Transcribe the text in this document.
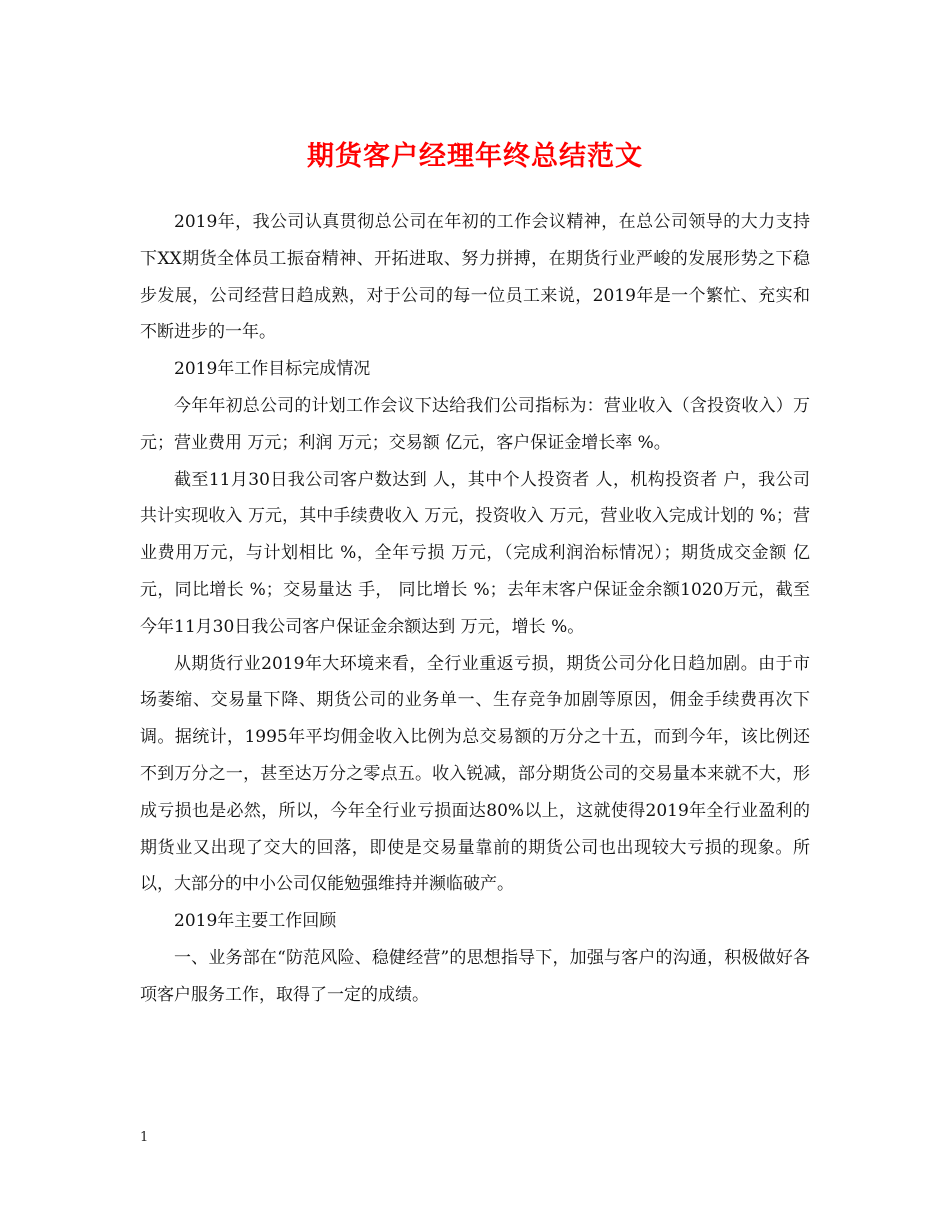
期货客户经理年终总结范文

2019年，我公司认真贯彻总公司在年初的工作会议精神，在总公司领导的大力支持下XX期货全体员工振奋精神、开拓进取、努力拼搏，在期货行业严峻的发展形势之下稳步发展，公司经营日趋成熟，对于公司的每一位员工来说，2019年是一个繁忙、充实和不断进步的一年。

2019年工作目标完成情况

今年年初总公司的计划工作会议下达给我们公司指标为：营业收入（含投资收入）万元；营业费用 万元；利润 万元；交易额 亿元，客户保证金增长率 %。

截至11月30日我公司客户数达到 人，其中个人投资者 人，机构投资者 户，我公司共计实现收入 万元，其中手续费收入 万元，投资收入 万元，营业收入完成计划的 %；营业费用万元，与计划相比 %，全年亏损 万元，（完成利润治标情况）；期货成交金额 亿元，同比增长 %；交易量达 手， 同比增长 %；去年末客户保证金余额1020万元，截至今年11月30日我公司客户保证金余额达到 万元，增长 %。

从期货行业2019年大环境来看，全行业重返亏损，期货公司分化日趋加剧。由于市场萎缩、交易量下降、期货公司的业务单一、生存竞争加剧等原因，佣金手续费再次下调。据统计，1995年平均佣金收入比例为总交易额的万分之十五，而到今年，该比例还不到万分之一，甚至达万分之零点五。收入锐减，部分期货公司的交易量本来就不大，形成亏损也是必然，所以，今年全行业亏损面达80%以上，这就使得2019年全行业盈利的期货业又出现了交大的回落，即使是交易量靠前的期货公司也出现较大亏损的现象。所以，大部分的中小公司仅能勉强维持并濒临破产。

2019年主要工作回顾

一、业务部在“防范风险、稳健经营”的思想指导下，加强与客户的沟通，积极做好各项客户服务工作，取得了一定的成绩。

1
